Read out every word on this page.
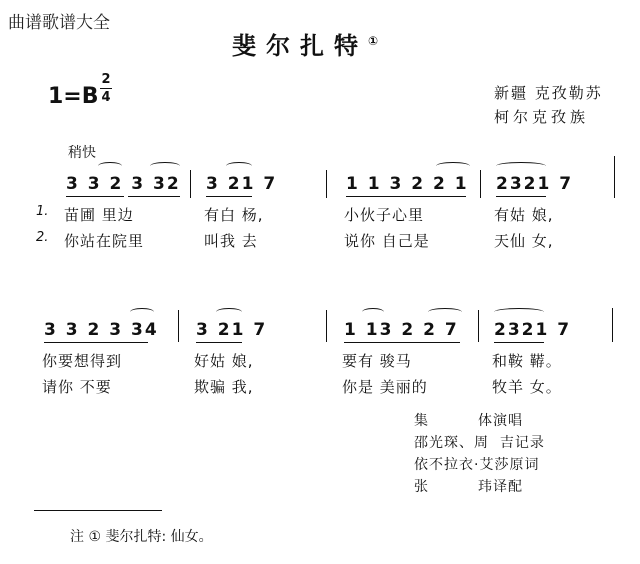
曲谱歌谱大全
斐尔扎特①
1=B
2
4	新疆 克孜勒苏
柯尔克孜族
稍快
1.
2.
3 3 2 3 32 3 21 7	1 1 3 2 2 1 2321 7
苗圃 里边	有白 杨,	小伙子心里	有姑 娘,
你站在院里	叫我 去	说你 自己是	天仙 女,
3 3 2 3 34 3 21 7	1 13 2 2 7 2321 7
你要想得到	好姑 娘,	要有 骏马	和鞍 鞯。
请你 不要	欺骗 我,	你是 美丽的	牧羊 女。
集         体演唱
邵光琛、周  吉记录
依不拉衣·艾莎原词
张         玮译配
注 ① 斐尔扎特: 仙女。
